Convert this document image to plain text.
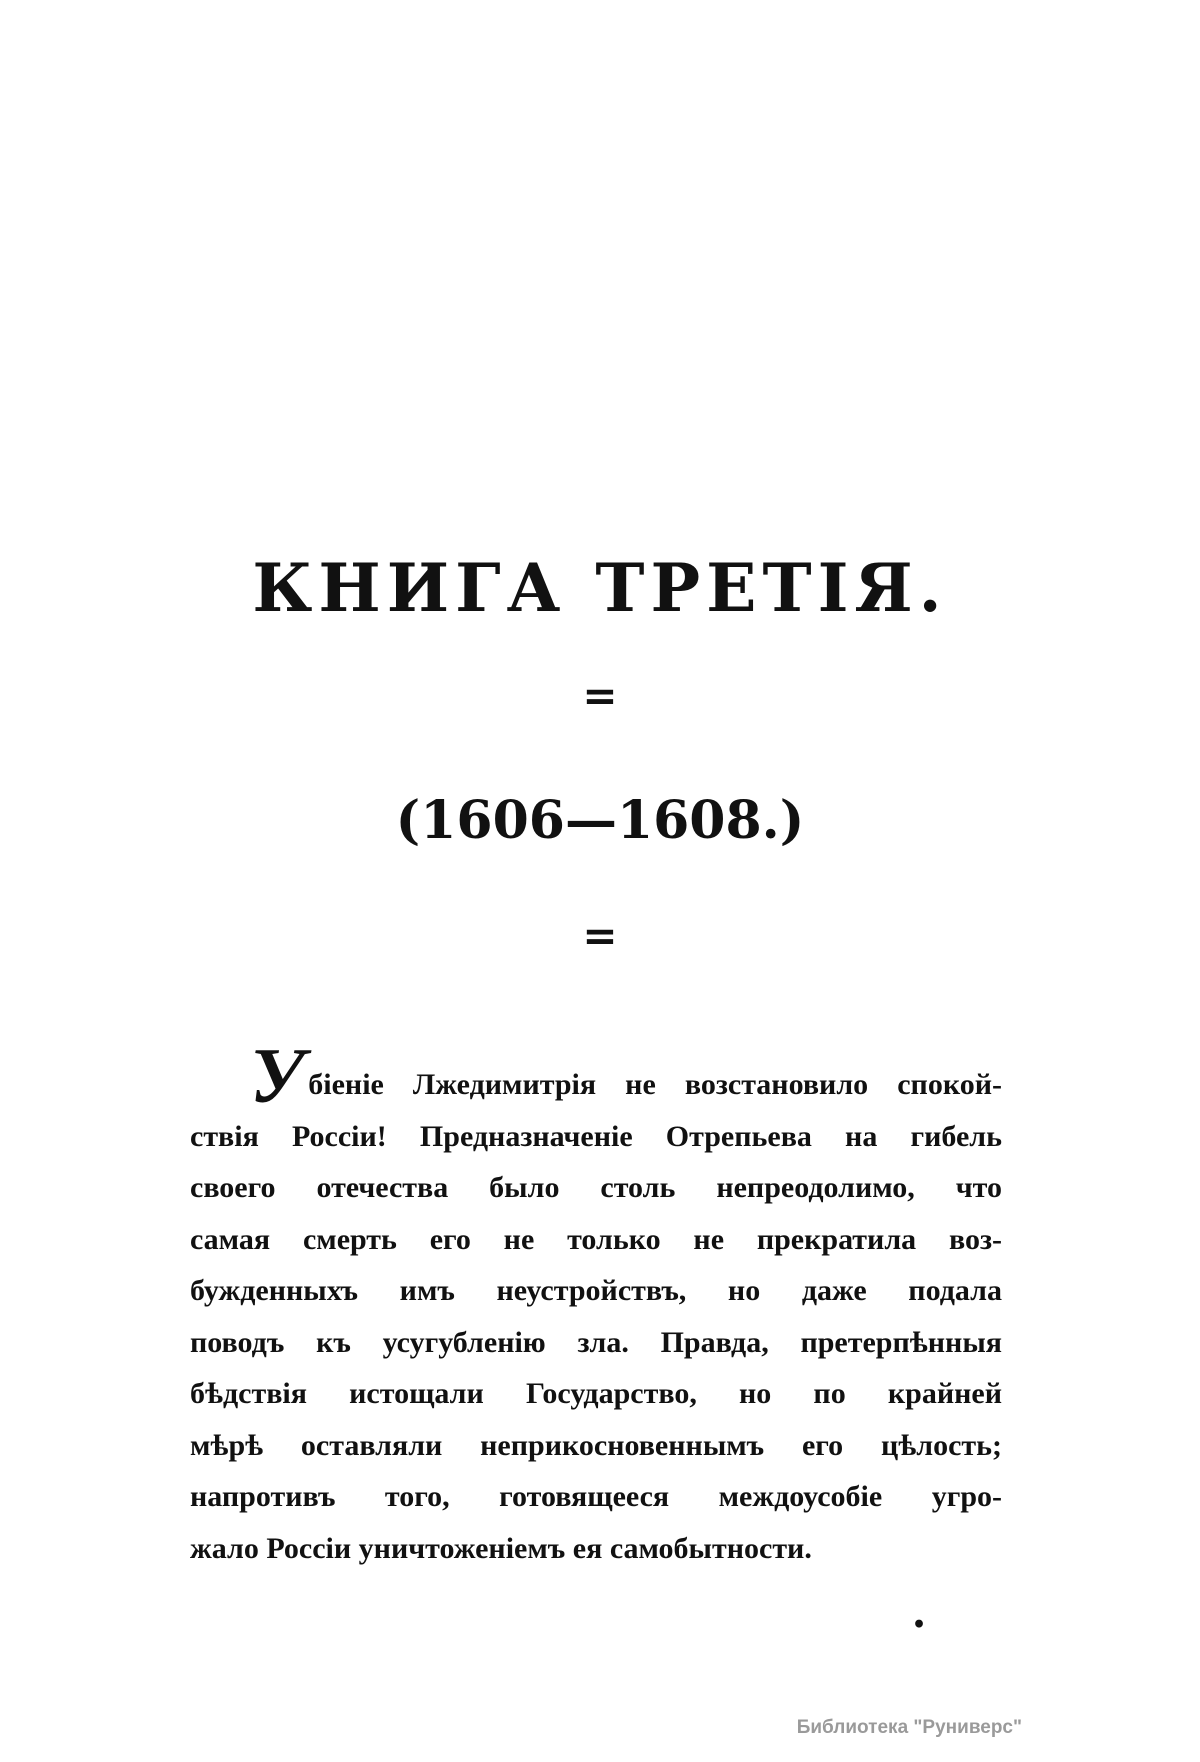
КНИГА ТРЕТІЯ.
=
(1606—1608.)
=
Убіеніе Лжедимитрія не возстановило спокой-
ствія Россіи! Предназначеніе Отрепьева на гибель
своего отечества было столь непреодолимо, что
самая смерть его не только не прекратила воз-
бужденныхъ имъ неустройствъ, но даже подала
поводъ къ усугубленію зла. Правда, претерпѣнныя
бѣдствія истощали Государство, но по крайней
мѣрѣ оставляли неприкосновеннымъ его цѣлость;
напротивъ того, готовящееся междоусобіе угро-
жало Россіи уничтоженіемъ ея самобытности.
•
Библиотека "Руниверс"
